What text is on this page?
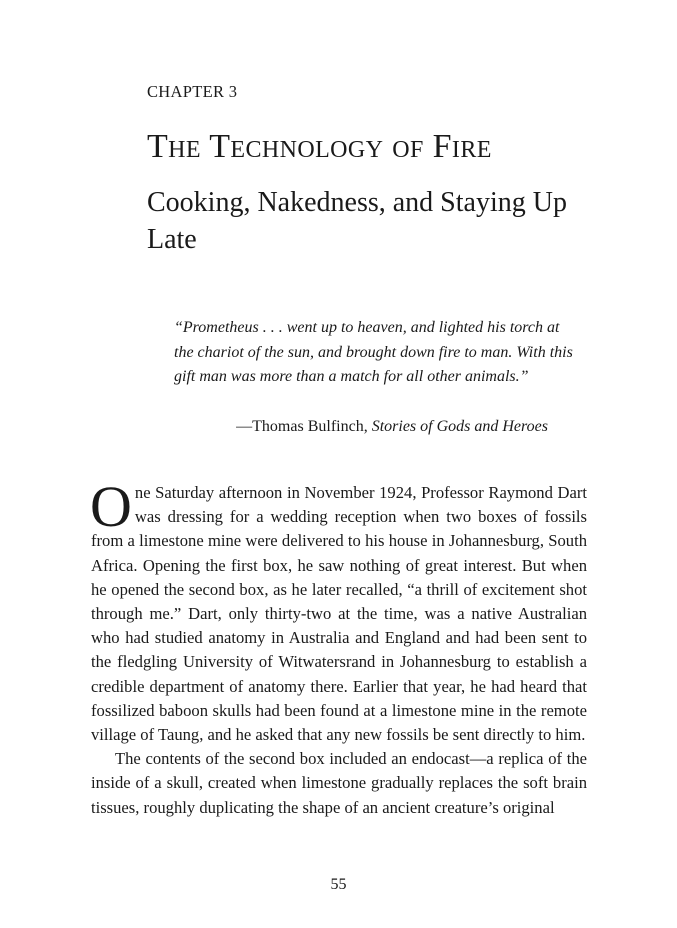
CHAPTER 3
The Technology of Fire
Cooking, Nakedness, and Staying Up Late
“Prometheus . . . went up to heaven, and lighted his torch at the chariot of the sun, and brought down fire to man. With this gift man was more than a match for all other animals.”
—Thomas Bulfinch, Stories of Gods and Heroes

One Saturday afternoon in November 1924, Professor Raymond Dart was dressing for a wedding reception when two boxes of fossils from a limestone mine were delivered to his house in Johannesburg, South Africa. Opening the first box, he saw nothing of great interest. But when he opened the second box, as he later recalled, “a thrill of excitement shot through me.” Dart, only thirty-two at the time, was a native Australian who had studied anatomy in Australia and England and had been sent to the fledgling University of Witwatersrand in Johannesburg to establish a credible department of anatomy there. Earlier that year, he had heard that fossilized baboon skulls had been found at a limestone mine in the remote village of Taung, and he asked that any new fossils be sent directly to him.

The contents of the second box included an endocast—a replica of the inside of a skull, created when limestone gradually replaces the soft brain tissues, roughly duplicating the shape of an ancient creature’s original

55
